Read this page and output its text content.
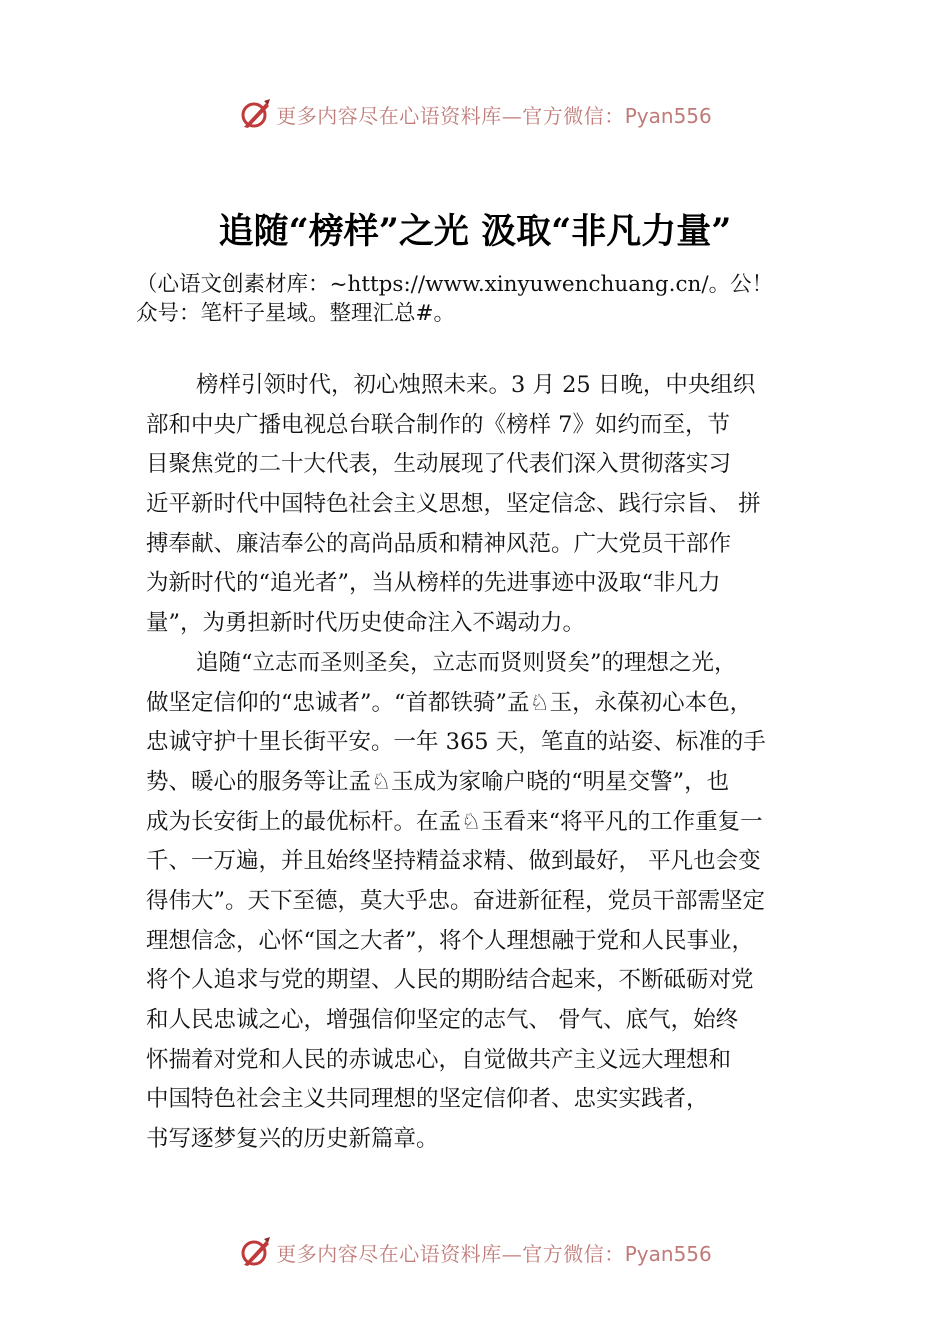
更多内容尽在心语资料库—官方微信：Pyan556
追随“榜样”之光 汲取“非凡力量”
（心语文创素材库：~https://www.xinyuwenchuang.cn/。公！
众号：笔杆子星域。整理汇总#。
榜样引领时代，初心烛照未来。3 月 25 日晚，中央组织
部和中央广播电视总台联合制作的《榜样 7》如约而至，节
目聚焦党的二十大代表，生动展现了代表们深入贯彻落实习
近平新时代中国特色社会主义思想，坚定信念、践行宗旨、 拼
搏奉献、廉洁奉公的高尚品质和精神风范。广大党员干部作
为新时代的“追光者”，当从榜样的先进事迹中汲取“非凡力
量”，为勇担新时代历史使命注入不竭动力。
追随“立志而圣则圣矣，立志而贤则贤矣”的理想之光，
做坚定信仰的“忠诚者”。“首都铁骑”孟♘玉，永葆初心本色，
忠诚守护十里长街平安。一年 365 天，笔直的站姿、标准的手
势、暖心的服务等让孟♘玉成为家喻户晓的“明星交警”，也
成为长安街上的最优标杆。在孟♘玉看来“将平凡的工作重复一
千、一万遍，并且始终坚持精益求精、做到最好， 平凡也会变
得伟大”。天下至德，莫大乎忠。奋进新征程，党员干部需坚定
理想信念，心怀“国之大者”，将个人理想融于党和人民事业，
将个人追求与党的期望、人民的期盼结合起来，不断砥砺对党
和人民忠诚之心，增强信仰坚定的志气、 骨气、底气，始终
怀揣着对党和人民的赤诚忠心，自觉做共产主义远大理想和
中国特色社会主义共同理想的坚定信仰者、忠实实践者，
书写逐梦复兴的历史新篇章。
更多内容尽在心语资料库—官方微信：Pyan556
